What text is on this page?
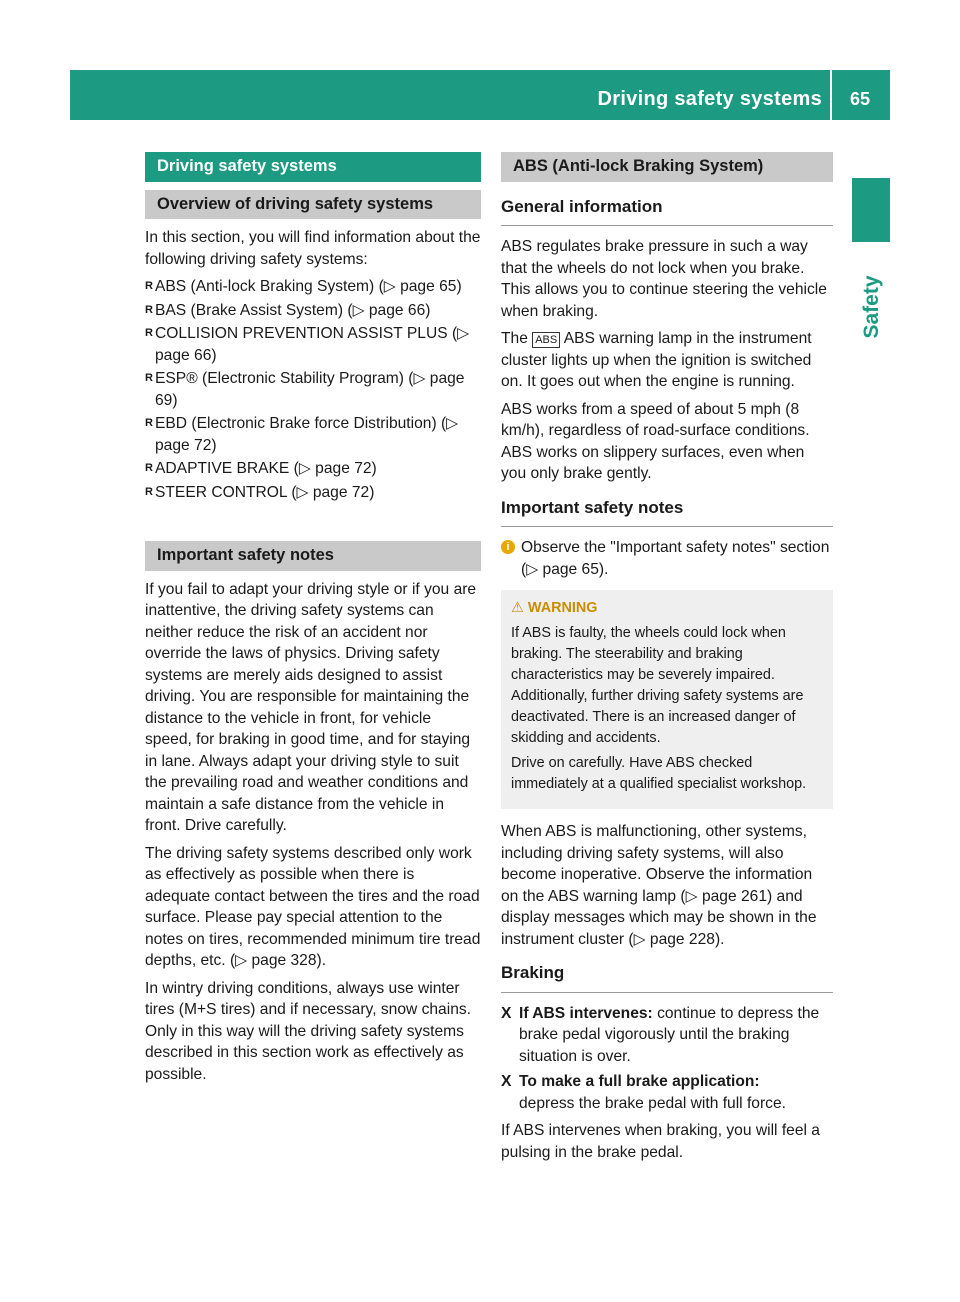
Driving safety systems 65
Safety
Driving safety systems
Overview of driving safety systems

In this section, you will find information about the following driving safety systems:

R ABS (Anti-lock Braking System) (▷ page 65)
R BAS (Brake Assist System) (▷ page 66)
R COLLISION PREVENTION ASSIST PLUS (▷ page 66)
R ESP® (Electronic Stability Program) (▷ page 69)
R EBD (Electronic Brake force Distribution) (▷ page 72)
R ADAPTIVE BRAKE (▷ page 72)
R STEER CONTROL (▷ page 72)
Important safety notes

If you fail to adapt your driving style or if you are inattentive, the driving safety systems can neither reduce the risk of an accident nor override the laws of physics. Driving safety systems are merely aids designed to assist driving. You are responsible for maintaining the distance to the vehicle in front, for vehicle speed, for braking in good time, and for staying in lane. Always adapt your driving style to suit the prevailing road and weather conditions and maintain a safe distance from the vehicle in front. Drive carefully.

The driving safety systems described only work as effectively as possible when there is adequate contact between the tires and the road surface. Please pay special attention to the notes on tires, recommended minimum tire tread depths, etc. (▷ page 328).

In wintry driving conditions, always use winter tires (M+S tires) and if necessary, snow chains. Only in this way will the driving safety systems described in this section work as effectively as possible.

ABS (Anti-lock Braking System)
General information

ABS regulates brake pressure in such a way that the wheels do not lock when you brake. This allows you to continue steering the vehicle when braking.

The ABS ABS warning lamp in the instrument cluster lights up when the ignition is switched on. It goes out when the engine is running.

ABS works from a speed of about 5 mph (8 km/h), regardless of road-surface conditions. ABS works on slippery surfaces, even when you only brake gently.

Important safety notes
i Observe the "Important safety notes" section (▷ page 65).
⚠ WARNING

If ABS is faulty, the wheels could lock when braking. The steerability and braking characteristics may be severely impaired. Additionally, further driving safety systems are deactivated. There is an increased danger of skidding and accidents.

Drive on carefully. Have ABS checked immediately at a qualified specialist workshop.

When ABS is malfunctioning, other systems, including driving safety systems, will also become inoperative. Observe the information on the ABS warning lamp (▷ page 261) and display messages which may be shown in the instrument cluster (▷ page 228).

Braking
X If ABS intervenes: continue to depress the brake pedal vigorously until the braking situation is over.
X To make a full brake application:
depress the brake pedal with full force.

If ABS intervenes when braking, you will feel a pulsing in the brake pedal.
